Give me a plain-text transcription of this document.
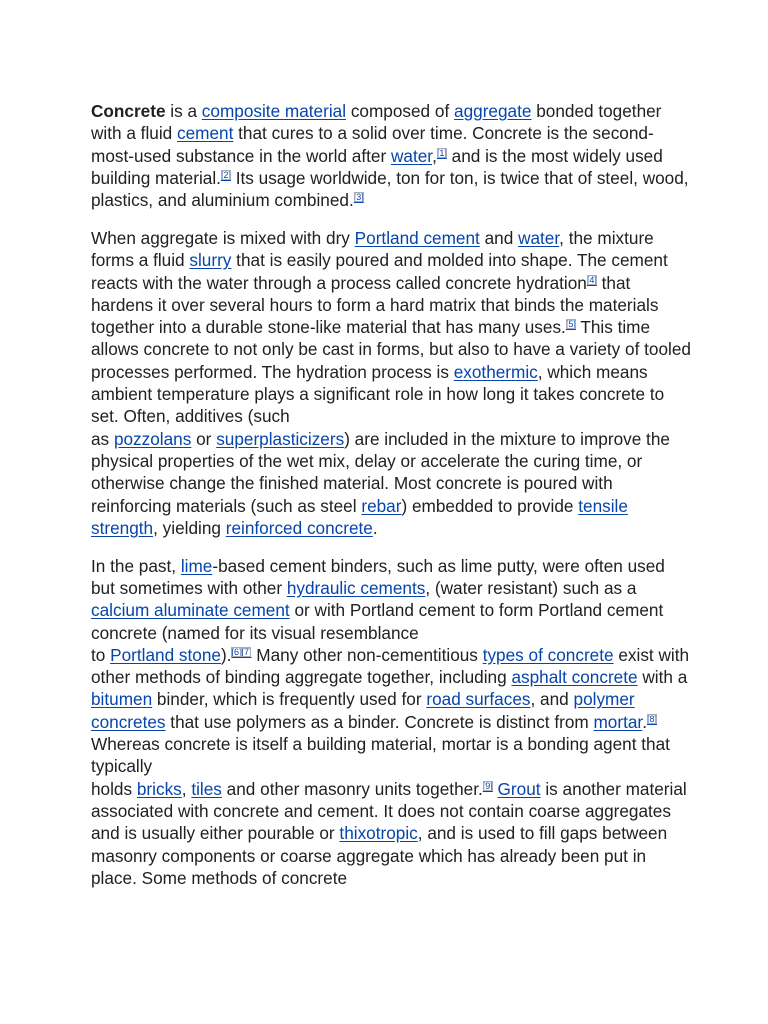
Concrete is a composite material composed of aggregate bonded together with a fluid cement that cures to a solid over time. Concrete is the second-most-used substance in the world after water,[1] and is the most widely used building material.[2] Its usage worldwide, ton for ton, is twice that of steel, wood, plastics, and aluminium combined.[3]

When aggregate is mixed with dry Portland cement and water, the mixture forms a fluid slurry that is easily poured and molded into shape. The cement reacts with the water through a process called concrete hydration[4] that hardens it over several hours to form a hard matrix that binds the materials together into a durable stone-like material that has many uses.[5] This time allows concrete to not only be cast in forms, but also to have a variety of tooled processes performed. The hydration process is exothermic, which means ambient temperature plays a significant role in how long it takes concrete to set. Often, additives (such
as pozzolans or superplasticizers) are included in the mixture to improve the physical properties of the wet mix, delay or accelerate the curing time, or otherwise change the finished material. Most concrete is poured with reinforcing materials (such as steel rebar) embedded to provide tensile strength, yielding reinforced concrete.

In the past, lime-based cement binders, such as lime putty, were often used but sometimes with other hydraulic cements, (water resistant) such as a calcium aluminate cement or with Portland cement to form Portland cement concrete (named for its visual resemblance
to Portland stone).[6][7] Many other non-cementitious types of concrete exist with other methods of binding aggregate together, including asphalt concrete with a bitumen binder, which is frequently used for road surfaces, and polymer concretes that use polymers as a binder. Concrete is distinct from mortar.[8] Whereas concrete is itself a building material, mortar is a bonding agent that typically
holds bricks, tiles and other masonry units together.[9] Grout is another material associated with concrete and cement. It does not contain coarse aggregates and is usually either pourable or thixotropic, and is used to fill gaps between masonry components or coarse aggregate which has already been put in place. Some methods of concrete
